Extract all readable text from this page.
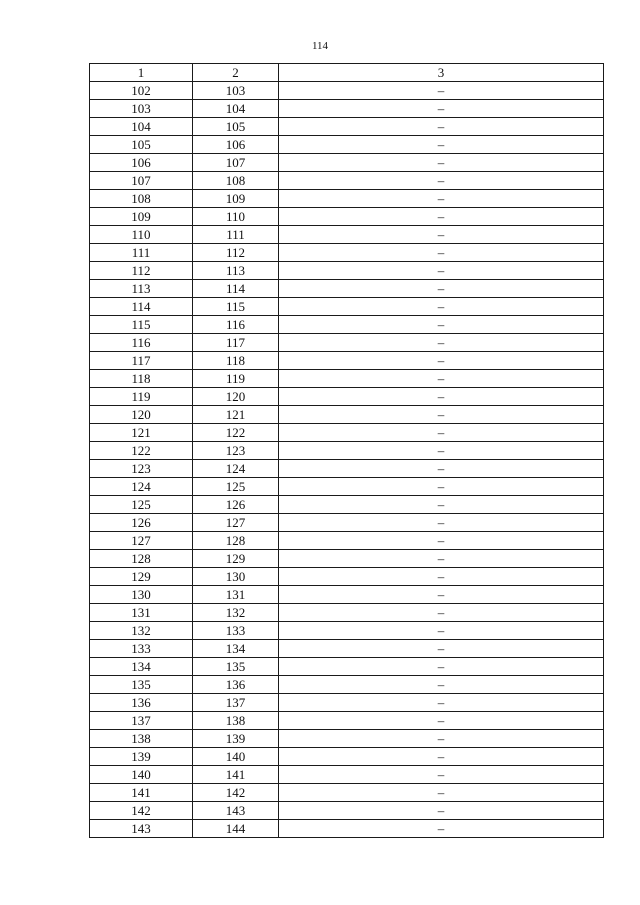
114
1	2	3
102	103	–
103	104	–
104	105	–
105	106	–
106	107	–
107	108	–
108	109	–
109	110	–
110	111	–
111	112	–
112	113	–
113	114	–
114	115	–
115	116	–
116	117	–
117	118	–
118	119	–
119	120	–
120	121	–
121	122	–
122	123	–
123	124	–
124	125	–
125	126	–
126	127	–
127	128	–
128	129	–
129	130	–
130	131	–
131	132	–
132	133	–
133	134	–
134	135	–
135	136	–
136	137	–
137	138	–
138	139	–
139	140	–
140	141	–
141	142	–
142	143	–
143	144	–
